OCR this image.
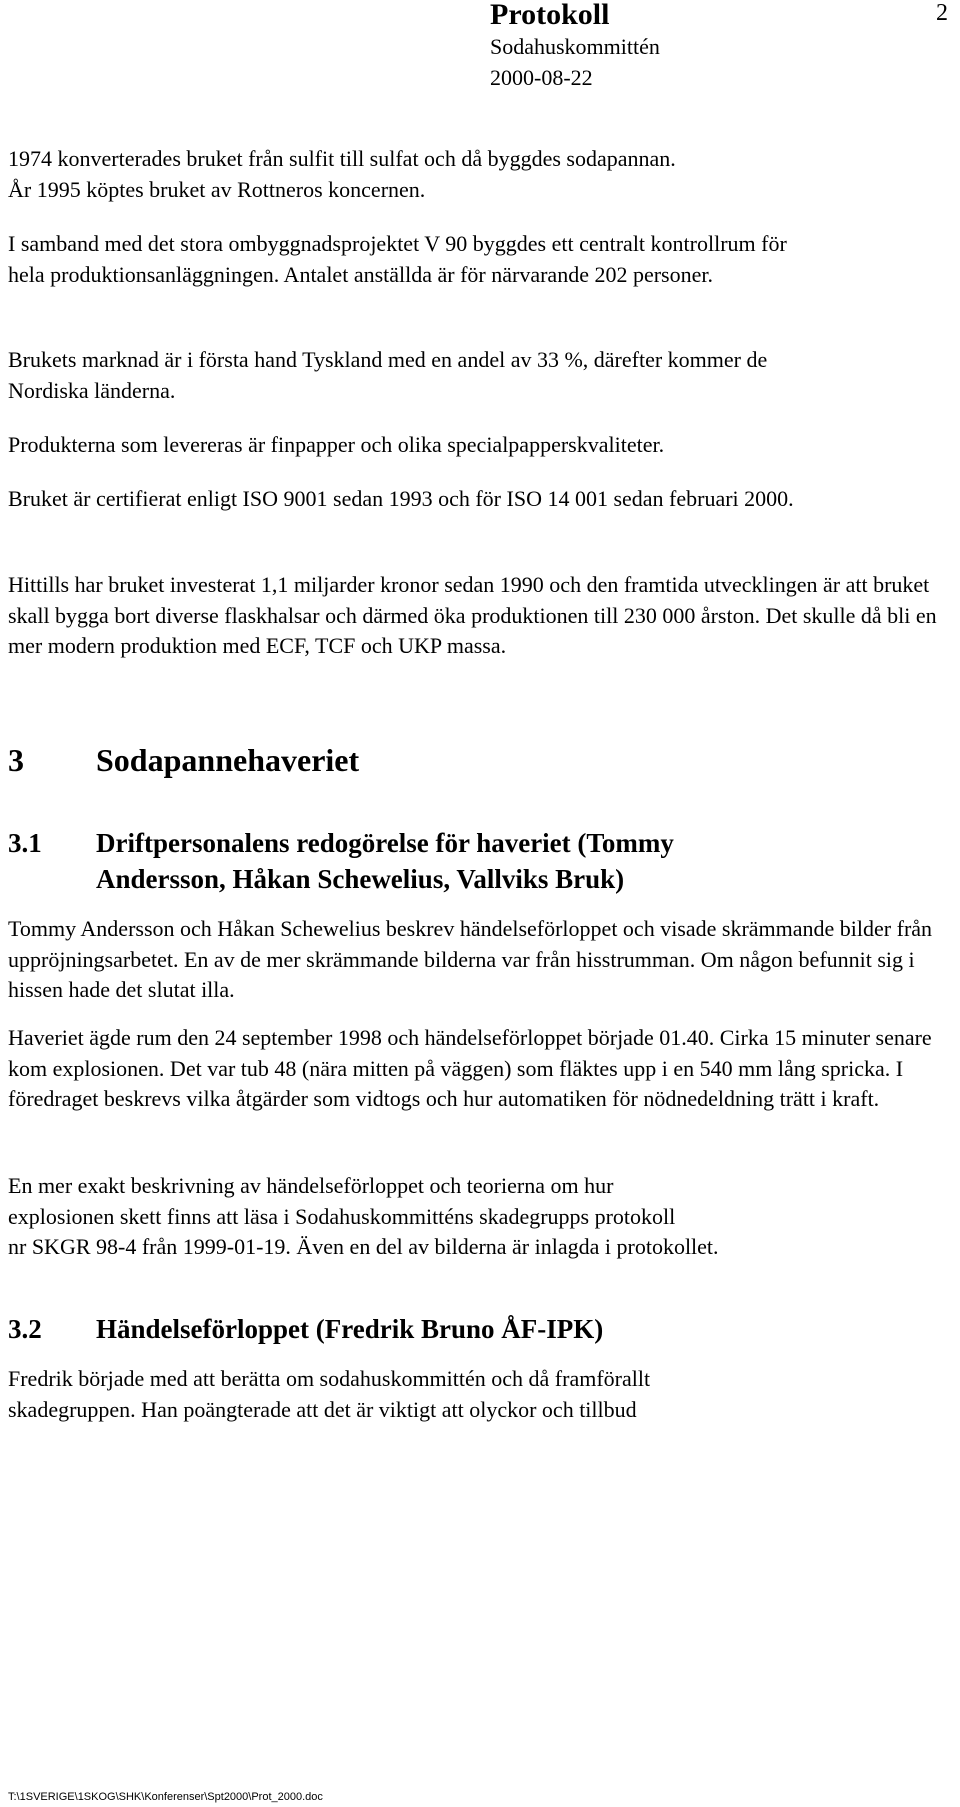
Protokoll
Sodahuskommittén
2000-08-22
2

1974 konverterades bruket från sulfit till sulfat och då byggdes sodapannan.

År 1995 köptes bruket av Rottneros koncernen.

I samband med det stora ombyggnadsprojektet V 90 byggdes ett centralt kontrollrum för hela produktionsanläggningen. Antalet anställda är för närvarande 202 personer.

Brukets marknad är i första hand Tyskland med en andel av 33 %, därefter kommer de Nordiska länderna.

Produkterna som levereras är finpapper och olika specialpapperskvaliteter.

Bruket är certifierat enligt ISO 9001 sedan 1993 och för ISO 14 001 sedan februari 2000.

Hittills har bruket investerat 1,1 miljarder kronor sedan 1990 och den framtida utvecklingen är att bruket skall bygga bort diverse flaskhalsar och därmed öka produktionen till 230 000 årston. Det skulle då bli en mer modern produktion med ECF, TCF och UKP massa.

3 Sodapannehaveriet
3.1	Driftpersonalens redogörelse för haveriet (Tommy Andersson, Håkan Schewelius, Vallviks Bruk)

Tommy Andersson och Håkan Schewelius beskrev händelseförloppet och visade skrämmande bilder från uppröjningsarbetet. En av de mer skrämmande bilderna var från hisstrumman. Om någon befunnit sig i hissen hade det slutat illa.

Haveriet ägde rum den 24 september 1998 och händelseförloppet började 01.40. Cirka 15 minuter senare kom explosionen. Det var tub 48 (nära mitten på väggen) som fläktes upp i en 540 mm lång spricka. I föredraget beskrevs vilka åtgärder som vidtogs och hur automatiken för nödnedeldning trätt i kraft.

En mer exakt beskrivning av händelseförloppet och teorierna om hur

explosionen skett finns att läsa i Sodahuskommitténs skadegrupps protokoll

nr SKGR 98-4 från 1999-01-19. Även en del av bilderna är inlagda i protokollet.

3.2	Händelseförloppet (Fredrik Bruno ÅF-IPK)

Fredrik började med att berätta om sodahuskommittén och då framförallt

skadegruppen. Han poängterade att det är viktigt att olyckor och tillbud

T:\1SVERIGE\1SKOG\SHK\Konferenser\Spt2000\Prot_2000.doc
